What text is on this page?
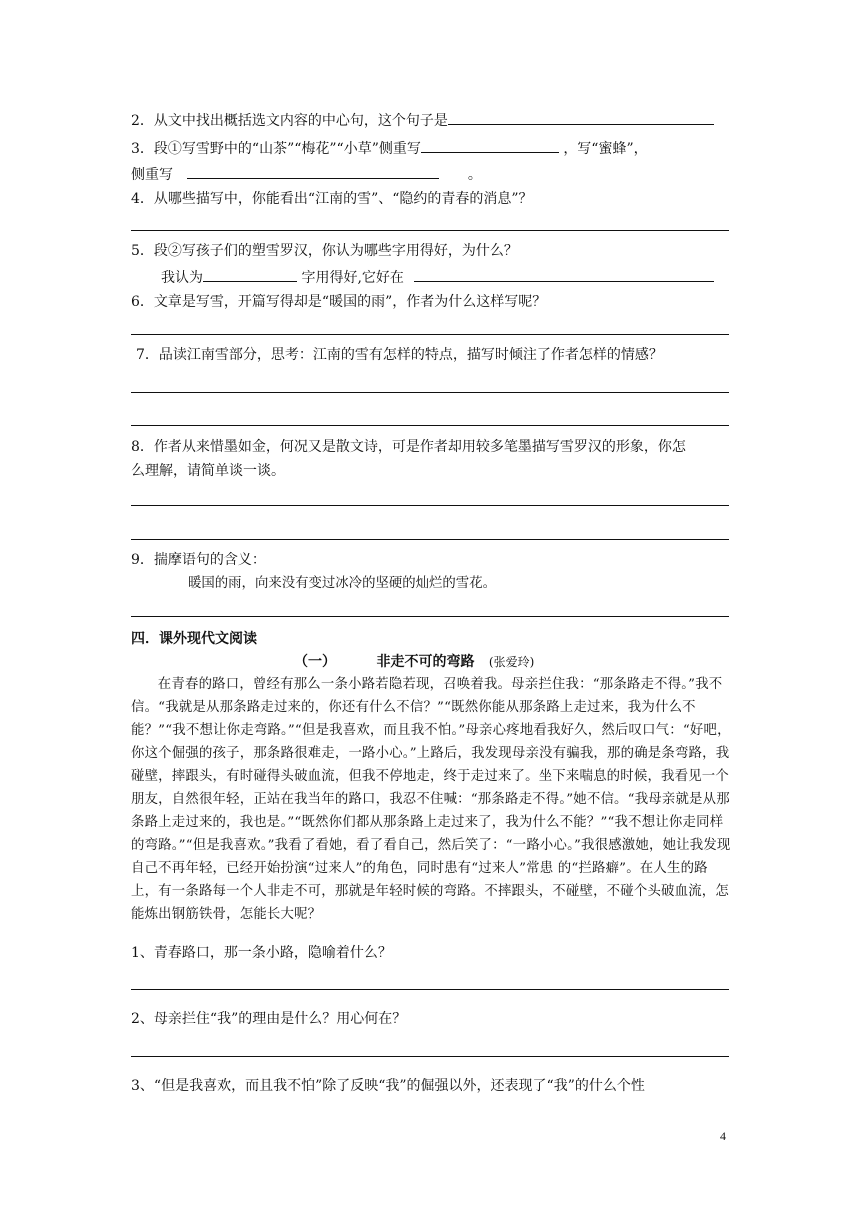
2．从文中找出概括选文内容的中心句，这个句子是
3．段①写雪野中的“山茶”“梅花”“小草”侧重写	，写“蜜蜂”，
侧重写	。
4．从哪些描写中，你能看出“江南的雪”、“隐约的青春的消息”？
5．段②写孩子们的塑雪罗汉，你认为哪些字用得好，为什么？
我认为	字用得好,它好在
6．文章是写雪，开篇写得却是“暖国的雨”，作者为什么这样写呢？
7．品读江南雪部分，思考：江南的雪有怎样的特点，描写时倾注了作者怎样的情感？
8．作者从来惜墨如金，何况又是散文诗，可是作者却用较多笔墨描写雪罗汉的形象，你怎
么理解，请简单谈一谈。
9．揣摩语句的含义：
暖国的雨，向来没有变过冰冷的坚硬的灿烂的雪花。
四．课外现代文阅读
（一）	非走不可的弯路 (张爱玲)

在青春的路口，曾经有那么一条小路若隐若现，召唤着我。母亲拦住我：“那条路走不得。”我不信。“我就是从那条路走过来的，你还有什么不信？”“既然你能从那条路上走过来，我为什么不能？”“我不想让你走弯路。”“但是我喜欢，而且我不怕。”母亲心疼地看我好久，然后叹口气：“好吧，你这个倔强的孩子，那条路很难走，一路小心。”上路后，我发现母亲没有骗我，那的确是条弯路，我碰壁，摔跟头，有时碰得头破血流，但我不停地走，终于走过来了。坐下来喘息的时候，我看见一个朋友，自然很年轻，正站在我当年的路口，我忍不住喊：“那条路走不得。”她不信。“我母亲就是从那条路上走过来的，我也是。”“既然你们都从那条路上走过来了，我为什么不能？”“我不想让你走同样的弯路。”“但是我喜欢。”我看了看她，看了看自己，然后笑了：“一路小心。”我很感激她，她让我发现自己不再年轻，已经开始扮演“过来人”的角色，同时患有“过来人”常患 的“拦路癖”。在人生的路上，有一条路每一个人非走不可，那就是年轻时候的弯路。不摔跟头，不碰壁，不碰个头破血流，怎能炼出钢筋铁骨，怎能长大呢？

1、青春路口，那一条小路，隐喻着什么？
2、母亲拦住“我”的理由是什么？用心何在？
3、“但是我喜欢，而且我不怕”除了反映“我”的倔强以外，还表现了“我”的什么个性
4
